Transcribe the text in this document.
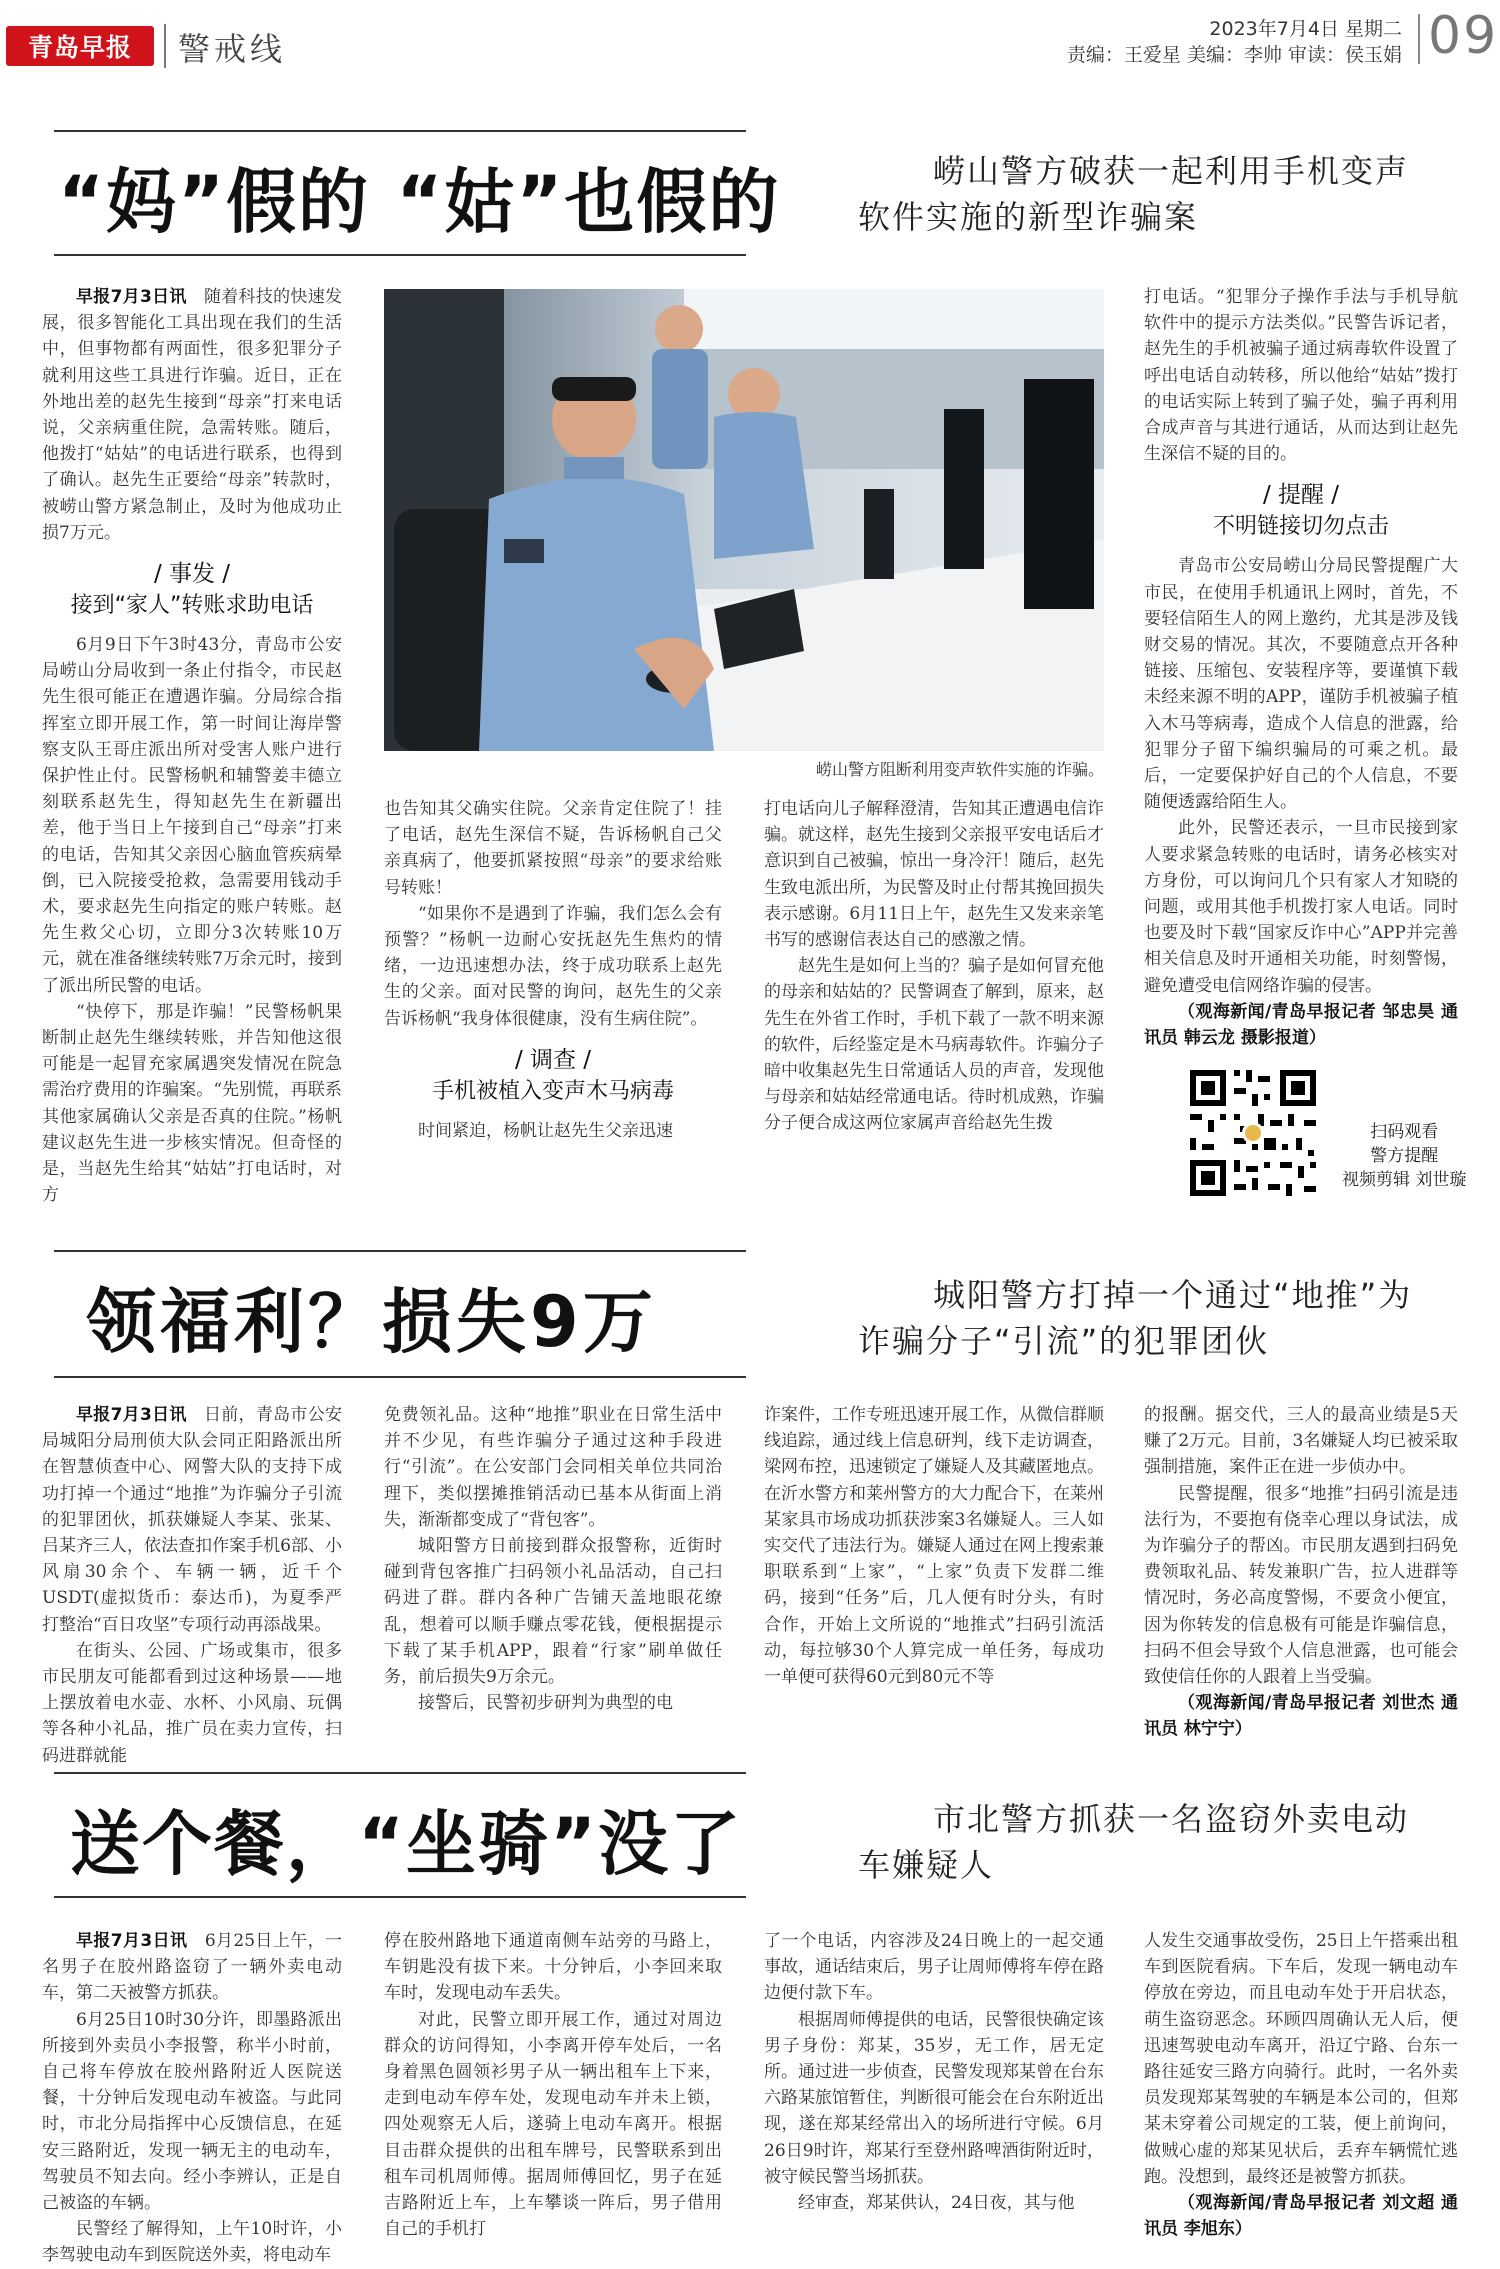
青岛早报 警戒线
2023年7月4日 星期二
责编：王爱星 美编：李帅 审读：侯玉娟 09
“妈”假的 “姑”也假的	崂山警方破获一起利用手机变声软件实施的新型诈骗案

早报7月3日讯　 随着科技的快速发展，很多智能化工具出现在我们的生活中，但事物都有两面性，很多犯罪分子就利用这些工具进行诈骗。近日，正在外地出差的赵先生接到“母亲”打来电话说，父亲病重住院，急需转账。随后，他拨打“姑姑”的电话进行联系，也得到了确认。赵先生正要给“母亲”转款时，被崂山警方紧急制止，及时为他成功止损7万元。

/ 事发 /
接到“家人”转账求助电话

6月9日下午3时43分，青岛市公安局崂山分局收到一条止付指令，市民赵先生很可能正在遭遇诈骗。分局综合指挥室立即开展工作，第一时间让海岸警察支队王哥庄派出所对受害人账户进行保护性止付。民警杨帆和辅警姜丰德立刻联系赵先生，得知赵先生在新疆出差，他于当日上午接到自己“母亲”打来的电话，告知其父亲因心脑血管疾病晕倒，已入院接受抢救，急需要用钱动手术，要求赵先生向指定的账户转账。赵先生救父心切，立即分3次转账10万元，就在准备继续转账7万余元时，接到了派出所民警的电话。

“快停下，那是诈骗！”民警杨帆果断制止赵先生继续转账，并告知他这很可能是一起冒充家属遇突发情况在院急需治疗费用的诈骗案。“先别慌，再联系其他家属确认父亲是否真的住院。”杨帆建议赵先生进一步核实情况。但奇怪的是，当赵先生给其“姑姑”打电话时，对方

崂山警方阻断利用变声软件实施的诈骗。

也告知其父确实住院。父亲肯定住院了！挂了电话，赵先生深信不疑，告诉杨帆自己父亲真病了，他要抓紧按照“母亲”的要求给账号转账！

“如果你不是遇到了诈骗，我们怎么会有预警？”杨帆一边耐心安抚赵先生焦灼的情绪，一边迅速想办法，终于成功联系上赵先生的父亲。面对民警的询问，赵先生的父亲告诉杨帆“我身体很健康，没有生病住院”。

/ 调查 /
手机被植入变声木马病毒

时间紧迫，杨帆让赵先生父亲迅速

打电话向儿子解释澄清，告知其正遭遇电信诈骗。就这样，赵先生接到父亲报平安电话后才意识到自己被骗，惊出一身冷汗！随后，赵先生致电派出所，为民警及时止付帮其挽回损失表示感谢。6月11日上午，赵先生又发来亲笔书写的感谢信表达自己的感激之情。

赵先生是如何上当的？骗子是如何冒充他的母亲和姑姑的？民警调查了解到，原来，赵先生在外省工作时，手机下载了一款不明来源的软件，后经鉴定是木马病毒软件。诈骗分子暗中收集赵先生日常通话人员的声音，发现他与母亲和姑姑经常通电话。待时机成熟，诈骗分子便合成这两位家属声音给赵先生拨

打电话。“犯罪分子操作手法与手机导航软件中的提示方法类似。”民警告诉记者，赵先生的手机被骗子通过病毒软件设置了呼出电话自动转移，所以他给“姑姑”拨打的电话实际上转到了骗子处，骗子再利用合成声音与其进行通话，从而达到让赵先生深信不疑的目的。

/ 提醒 /
不明链接切勿点击

青岛市公安局崂山分局民警提醒广大市民，在使用手机通讯上网时，首先，不要轻信陌生人的网上邀约，尤其是涉及钱财交易的情况。其次，不要随意点开各种链接、压缩包、安装程序等，要谨慎下载未经来源不明的APP，谨防手机被骗子植入木马等病毒，造成个人信息的泄露，给犯罪分子留下编织骗局的可乘之机。最后，一定要保护好自己的个人信息，不要随便透露给陌生人。

此外，民警还表示，一旦市民接到家人要求紧急转账的电话时，请务必核实对方身份，可以询问几个只有家人才知晓的问题，或用其他手机拨打家人电话。同时也要及时下载“国家反诈中心”APP并完善相关信息及时开通相关功能，时刻警惕，避免遭受电信网络诈骗的侵害。

（观海新闻/青岛早报记者 邹忠昊 通讯员 韩云龙 摄影报道）

扫码观看
警方提醒
视频剪辑 刘世璇
领福利？损失9万	城阳警方打掉一个通过“地推”为诈骗分子“引流”的犯罪团伙

早报7月3日讯　 日前，青岛市公安局城阳分局刑侦大队会同正阳路派出所在智慧侦查中心、网警大队的支持下成功打掉一个通过“地推”为诈骗分子引流的犯罪团伙，抓获嫌疑人李某、张某、吕某齐三人，依法查扣作案手机6部、小风扇30余个、车辆一辆，近千个USDT(虚拟货币：泰达币)，为夏季严打整治“百日攻坚”专项行动再添战果。

在街头、公园、广场或集市，很多市民朋友可能都看到过这种场景——地上摆放着电水壶、水杯、小风扇、玩偶等各种小礼品，推广员在卖力宣传，扫码进群就能

免费领礼品。这种“地推”职业在日常生活中并不少见，有些诈骗分子通过这种手段进行“引流”。在公安部门会同相关单位共同治理下，类似摆摊推销活动已基本从街面上消失，渐渐都变成了“背包客”。

城阳警方日前接到群众报警称，近街时碰到背包客推广扫码领小礼品活动，自己扫码进了群。群内各种广告铺天盖地眼花缭乱，想着可以顺手赚点零花钱，便根据提示下载了某手机APP，跟着“行家”刷单做任务，前后损失9万余元。

接警后，民警初步研判为典型的电

诈案件，工作专班迅速开展工作，从微信群顺线追踪，通过线上信息研判，线下走访调查，梁网布控，迅速锁定了嫌疑人及其藏匿地点。在沂水警方和莱州警方的大力配合下，在莱州某家具市场成功抓获涉案3名嫌疑人。三人如实交代了违法行为。嫌疑人通过在网上搜索兼职联系到“上家”，“上家”负责下发群二维码，接到“任务”后，几人便有时分头，有时合作，开始上文所说的“地推式”扫码引流活动，每拉够30个人算完成一单任务，每成功一单便可获得60元到80元不等

的报酬。据交代，三人的最高业绩是5天赚了2万元。目前，3名嫌疑人均已被采取强制措施，案件正在进一步侦办中。

民警提醒，很多“地推”扫码引流是违法行为，不要抱有侥幸心理以身试法，成为诈骗分子的帮凶。市民朋友遇到扫码免费领取礼品、转发兼职广告，拉人进群等情况时，务必高度警惕，不要贪小便宜，因为你转发的信息极有可能是诈骗信息，扫码不但会导致个人信息泄露，也可能会致使信任你的人跟着上当受骗。

（观海新闻/青岛早报记者 刘世杰 通讯员 林宁宁）

送个餐，“坐骑”没了	市北警方抓获一名盗窃外卖电动车嫌疑人

早报7月3日讯　 6月25日上午，一名男子在胶州路盗窃了一辆外卖电动车，第二天被警方抓获。

6月25日10时30分许，即墨路派出所接到外卖员小李报警，称半小时前，自己将车停放在胶州路附近人医院送餐，十分钟后发现电动车被盗。与此同时，市北分局指挥中心反馈信息，在延安三路附近，发现一辆无主的电动车，驾驶员不知去向。经小李辨认，正是自己被盗的车辆。

民警经了解得知，上午10时许，小李驾驶电动车到医院送外卖，将电动车

停在胶州路地下通道南侧车站旁的马路上，车钥匙没有拔下来。十分钟后，小李回来取车时，发现电动车丢失。

对此，民警立即开展工作，通过对周边群众的访问得知，小李离开停车处后，一名身着黑色圆领衫男子从一辆出租车上下来，走到电动车停车处，发现电动车并未上锁，四处观察无人后，遂骑上电动车离开。根据目击群众提供的出租车牌号，民警联系到出租车司机周师傅。据周师傅回忆，男子在延吉路附近上车，上车攀谈一阵后，男子借用自己的手机打

了一个电话，内容涉及24日晚上的一起交通事故，通话结束后，男子让周师傅将车停在路边便付款下车。

根据周师傅提供的电话，民警很快确定该男子身份：郑某，35岁，无工作，居无定所。通过进一步侦查，民警发现郑某曾在台东六路某旅馆暂住，判断很可能会在台东附近出现，遂在郑某经常出入的场所进行守候。6月26日9时许，郑某行至登州路啤酒街附近时，被守候民警当场抓获。

经审查，郑某供认，24日夜，其与他

人发生交通事故受伤，25日上午搭乘出租车到医院看病。下车后，发现一辆电动车停放在旁边，而且电动车处于开启状态，萌生盗窃恶念。环顾四周确认无人后，便迅速驾驶电动车离开，沿辽宁路、台东一路往延安三路方向骑行。此时，一名外卖员发现郑某驾驶的车辆是本公司的，但郑某未穿着公司规定的工装，便上前询问，做贼心虚的郑某见状后，丢弃车辆慌忙逃跑。没想到，最终还是被警方抓获。

（观海新闻/青岛早报记者 刘文超 通讯员 李旭东）
